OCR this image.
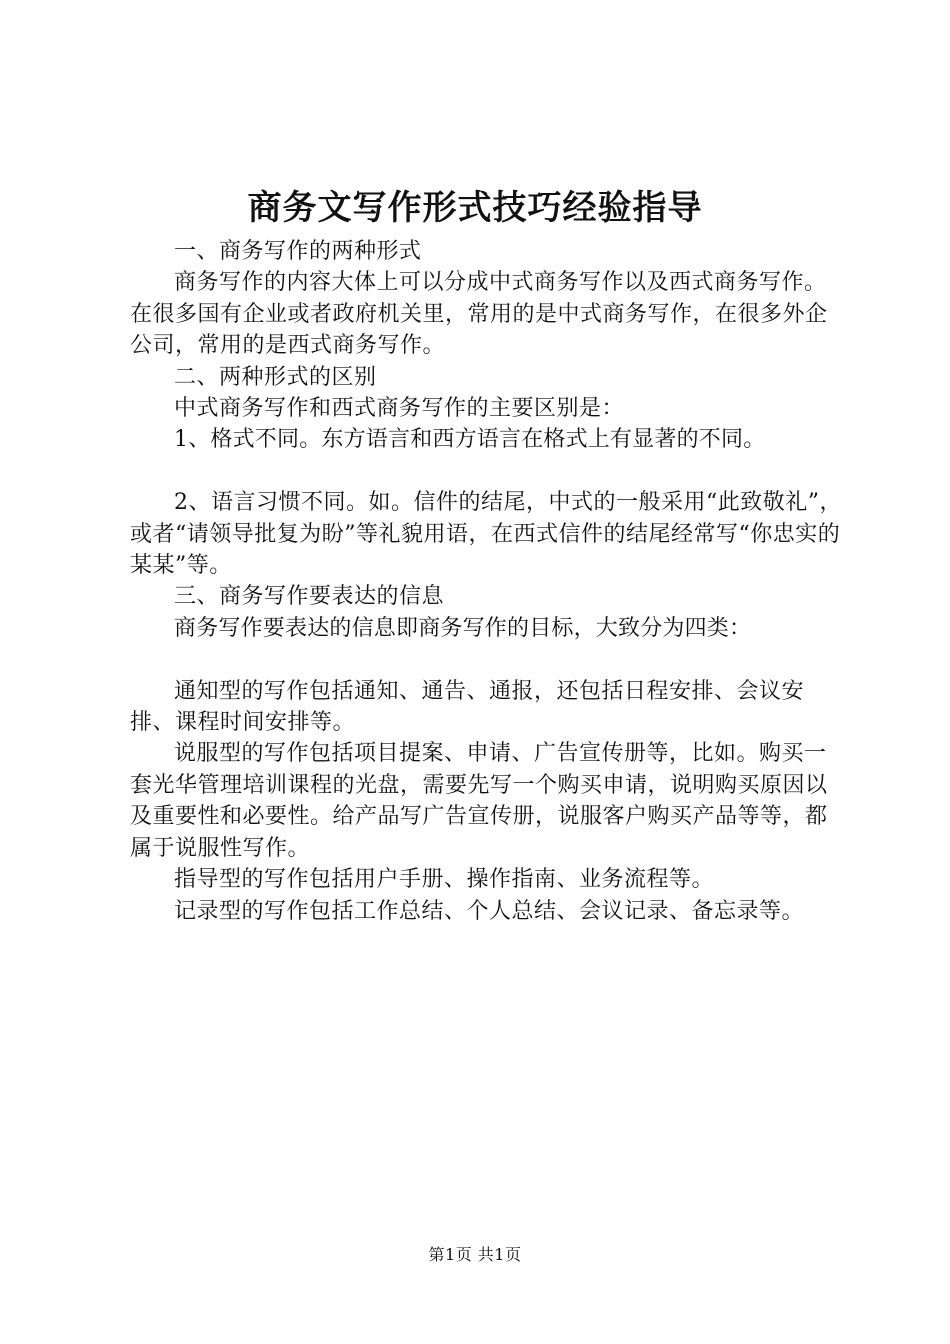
商务文写作形式技巧经验指导

一、商务写作的两种形式

商务写作的内容大体上可以分成中式商务写作以及西式商务写作。在很多国有企业或者政府机关里，常用的是中式商务写作，在很多外企公司，常用的是西式商务写作。

二、两种形式的区别

中式商务写作和西式商务写作的主要区别是：

1、格式不同。东方语言和西方语言在格式上有显著的不同。

2、语言习惯不同。如。信件的结尾，中式的一般采用“此致敬礼”，或者“请领导批复为盼”等礼貌用语，在西式信件的结尾经常写“你忠实的某某”等。

三、商务写作要表达的信息

商务写作要表达的信息即商务写作的目标，大致分为四类：

通知型的写作包括通知、通告、通报，还包括日程安排、会议安排、课程时间安排等。

说服型的写作包括项目提案、申请、广告宣传册等，比如。购买一套光华管理培训课程的光盘，需要先写一个购买申请，说明购买原因以及重要性和必要性。给产品写广告宣传册，说服客户购买产品等等，都属于说服性写作。

指导型的写作包括用户手册、操作指南、业务流程等。

记录型的写作包括工作总结、个人总结、会议记录、备忘录等。

第1页 共1页
